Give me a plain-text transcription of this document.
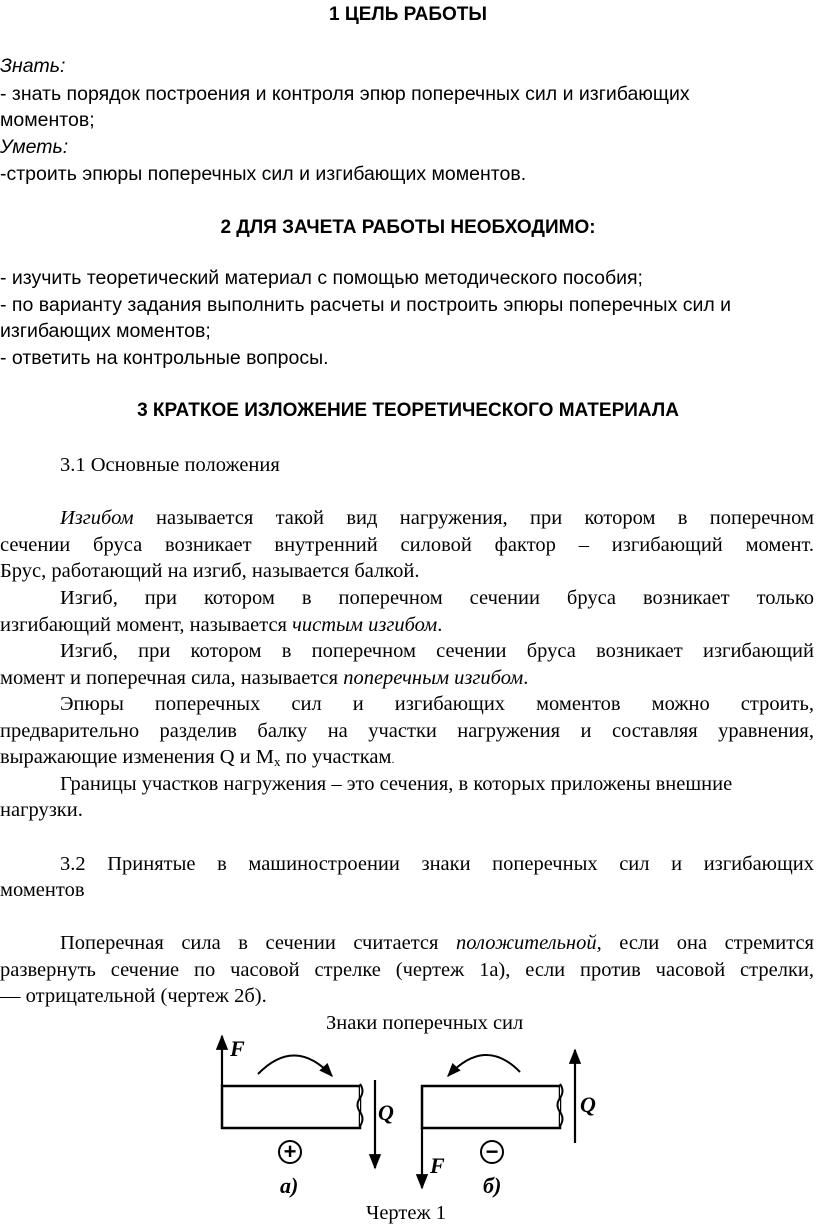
1 ЦЕЛЬ РАБОТЫ
Знать:
- знать порядок построения и контроля эпюр поперечных сил и изгибающих
моментов;
Уметь:
-строить эпюры поперечных сил и изгибающих моментов.
2 ДЛЯ ЗАЧЕТА РАБОТЫ НЕОБХОДИМО:
- изучить теоретический материал с помощью методического пособия;
- по варианту задания выполнить расчеты и построить эпюры поперечных сил и
изгибающих моментов;
- ответить на контрольные вопросы.
3 КРАТКОЕ ИЗЛОЖЕНИЕ ТЕОРЕТИЧЕСКОГО МАТЕРИАЛА
3.1 Основные положения
Изгибом называется такой вид нагружения, при котором в поперечном
сечении бруса возникает внутренний силовой фактор – изгибающий момент.
Брус, работающий на изгиб, называется балкой.
Изгиб, при котором в поперечном сечении бруса возникает только
изгибающий момент, называется чистым изгибом.
Изгиб, при котором в поперечном сечении бруса возникает изгибающий
момент и поперечная сила, называется поперечным изгибом.
Эпюры поперечных сил и изгибающих моментов можно строить,
предварительно разделив балку на участки нагружения и составляя уравнения,
выражающие изменения Q и $M_x$ по участкам.
Границы участков нагружения – это сечения, в которых приложены внешние
нагрузки.
3.2 Принятые в машиностроении знаки поперечных сил и изгибающих
моментов
Поперечная сила в сечении считается положительной, если она стремится
развернуть сечение по часовой стрелке (чертеж 1а), если против часовой стрелки,
— отрицательной (чертеж 2б).
Знаки поперечных сил
F
Q
+
а)
F
Q
−
б)
Чертеж 1
